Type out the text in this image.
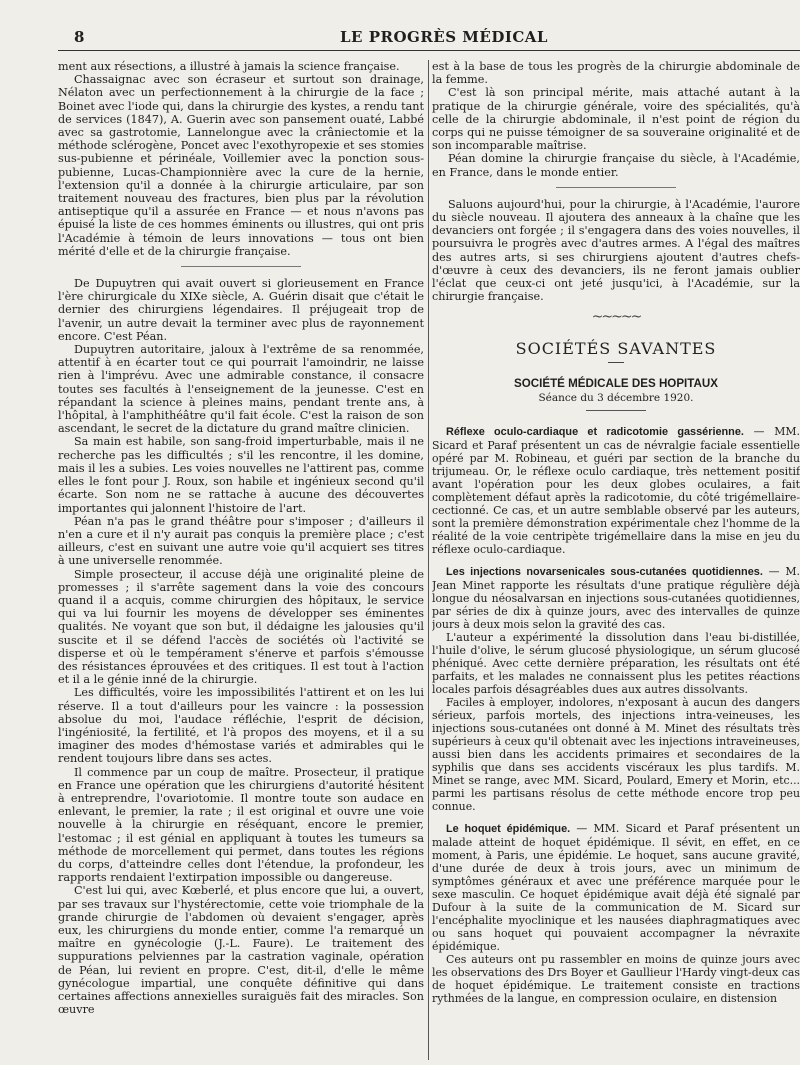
8	LE PROGRÈS MÉDICAL

ment aux résections, a illustré à jamais la science française.

Chassaignac avec son écraseur et surtout son drainage, Nélaton avec un perfectionnement à la chirurgie de la face ; Boinet avec l'iode qui, dans la chirurgie des kystes, a rendu tant de services (1847), A. Guerin avec son pansement ouaté, Labbé avec sa gastrotomie, Lannelongue avec la crâniectomie et la méthode sclérogène, Poncet avec l'exothyropexie et ses stomies sus-pubienne et périnéale, Voillemier avec la ponction sous-pubienne, Lucas-Championnière avec la cure de la hernie, l'extension qu'il a donnée à la chirurgie articulaire, par son traitement nouveau des fractures, bien plus par la révolution antiseptique qu'il a assurée en France — et nous n'avons pas épuisé la liste de ces hommes éminents ou illustres, qui ont pris l'Académie à témoin de leurs innovations — tous ont bien mérité d'elle et de la chirurgie française.

De Dupuytren qui avait ouvert si glorieusement en France l'ère chirurgicale du XIXe siècle, A. Guérin disait que c'était le dernier des chirurgiens légendaires. Il préjugeait trop de l'avenir, un autre devait la terminer avec plus de rayonnement encore. C'est Péan.

Dupuytren autoritaire, jaloux à l'extrême de sa renommée, attentif à en écarter tout ce qui pourrait l'amoindrir, ne laisse rien à l'imprévu. Avec une admirable constance, il consacre toutes ses facultés à l'enseignement de la jeunesse. C'est en répandant la science à pleines mains, pendant trente ans, à l'hôpital, à l'amphithéâtre qu'il fait école. C'est la raison de son ascendant, le secret de la dictature du grand maître clinicien.

Sa main est habile, son sang-froid imperturbable, mais il ne recherche pas les difficultés ; s'il les rencontre, il les domine, mais il les a subies. Les voies nouvelles ne l'attirent pas, comme elles le font pour J. Roux, son habile et ingénieux second qu'il écarte. Son nom ne se rattache à aucune des découvertes importantes qui jalonnent l'histoire de l'art.

Péan n'a pas le grand théâtre pour s'imposer ; d'ailleurs il n'en a cure et il n'y aurait pas conquis la première place ; c'est ailleurs, c'est en suivant une autre voie qu'il acquiert ses titres à une universelle renommée.

Simple prosecteur, il accuse déjà une originalité pleine de promesses ; il s'arrête sagement dans la voie des concours quand il a acquis, comme chirurgien des hôpitaux, le service qui va lui fournir les moyens de développer ses éminentes qualités. Ne voyant que son but, il dédaigne les jalousies qu'il suscite et il se défend l'accès de sociétés où l'activité se disperse et où le tempérament s'énerve et parfois s'émousse des résistances éprouvées et des critiques. Il est tout à l'action et il a le génie inné de la chirurgie.

Les difficultés, voire les impossibilités l'attirent et on les lui réserve. Il a tout d'ailleurs pour les vaincre : la possession absolue du moi, l'audace réfléchie, l'esprit de décision, l'ingéniosité, la fertilité, et l'à propos des moyens, et il a su imaginer des modes d'hémostase variés et admirables qui le rendent toujours libre dans ses actes.

Il commence par un coup de maître. Prosecteur, il pratique en France une opération que les chirurgiens d'autorité hésitent à entreprendre, l'ovariotomie. Il montre toute son audace en enlevant, le premier, la rate ; il est original et ouvre une voie nouvelle à la chirurgie en réséquant, encore le premier, l'estomac ; il est génial en appliquant à toutes les tumeurs sa méthode de morcellement qui permet, dans toutes les régions du corps, d'atteindre celles dont l'étendue, la profondeur, les rapports rendaient l'extirpation impossible ou dangereuse.

C'est lui qui, avec Kœberlé, et plus encore que lui, a ouvert, par ses travaux sur l'hystérectomie, cette voie triomphale de la grande chirurgie de l'abdomen où devaient s'engager, après eux, les chirurgiens du monde entier, comme l'a remarqué un maître en gynécologie (J.-L. Faure). Le traitement des suppurations pelviennes par la castration vaginale, opération de Péan, lui revient en propre. C'est, dit-il, d'elle le même gynécologue impartial, une conquête définitive qui dans certaines affections annexielles suraiguës fait des miracles. Son œuvre

est à la base de tous les progrès de la chirurgie abdominale de la femme.

C'est là son principal mérite, mais attaché autant à la pratique de la chirurgie générale, voire des spécialités, qu'à celle de la chirurgie abdominale, il n'est point de région du corps qui ne puisse témoigner de sa souveraine originalité et de son incomparable maîtrise.

Péan domine la chirurgie française du siècle, à l'Académie, en France, dans le monde entier.

Saluons aujourd'hui, pour la chirurgie, à l'Académie, l'aurore du siècle nouveau. Il ajoutera des anneaux à la chaîne que les devanciers ont forgée ; il s'engagera dans des voies nouvelles, il poursuivra le progrès avec d'autres armes. A l'égal des maîtres des autres arts, si ses chirurgiens ajoutent d'autres chefs-d'œuvre à ceux des devanciers, ils ne feront jamais oublier l'éclat que ceux-ci ont jeté jusqu'ici, à l'Académie, sur la chirurgie française.

~~~~~
SOCIÉTÉS SAVANTES
SOCIÉTÉ MÉDICALE DES HOPITAUX
Séance du 3 décembre 1920.

Réflexe oculo-cardiaque et radicotomie gassérienne. — MM. Sicard et Paraf présentent un cas de névralgie faciale essentielle opéré par M. Robineau, et guéri par section de la branche du trijumeau. Or, le réflexe oculo cardiaque, très nettement positif avant l'opération pour les deux globes oculaires, a fait complètement défaut après la radicotomie, du côté trigémellaire-cectionné. Ce cas, et un autre semblable observé par les auteurs, sont la première démonstration expérimentale chez l'homme de la réalité de la voie centripète trigémellaire dans la mise en jeu du réflexe oculo-cardiaque.

Les injections novarsenicales sous-cutanées quotidiennes. — M. Jean Minet rapporte les résultats d'une pratique régulière déjà longue du néosalvarsan en injections sous-cutanées quotidiennes, par séries de dix à quinze jours, avec des intervalles de quinze jours à deux mois selon la gravité des cas.

L'auteur a expérimenté la dissolution dans l'eau bi-distillée, l'huile d'olive, le sérum glucosé physiologique, un sérum glucosé phéniqué. Avec cette dernière préparation, les résultats ont été parfaits, et les malades ne connaissent plus les petites réactions locales parfois désagréables dues aux autres dissolvants.

Faciles à employer, indolores, n'exposant à aucun des dangers sérieux, parfois mortels, des injections intra-veineuses, les injections sous-cutanées ont donné à M. Minet des résultats très supérieurs à ceux qu'il obtenait avec les injections intraveineuses, aussi bien dans les accidents primaires et secondaires de la syphilis que dans ses accidents viscéraux les plus tardifs. M. Minet se range, avec MM. Sicard, Poulard, Emery et Morin, etc... parmi les partisans résolus de cette méthode encore trop peu connue.

Le hoquet épidémique. — MM. Sicard et Paraf présentent un malade atteint de hoquet épidémique. Il sévit, en effet, en ce moment, à Paris, une épidémie. Le hoquet, sans aucune gravité, d'une durée de deux à trois jours, avec un minimum de symptômes généraux et avec une préférence marquée pour le sexe masculin. Ce hoquet épidémique avait déjà été signalé par Dufour à la suite de la communication de M. Sicard sur l'encéphalite myoclinique et les nausées diaphragmatiques avec ou sans hoquet qui pouvaient accompagner la névraxite épidémique.

Ces auteurs ont pu rassembler en moins de quinze jours avec les observations des Drs Boyer et Gaullieur l'Hardy vingt-deux cas de hoquet épidémique. Le traitement consiste en tractions rythmées de la langue, en compression oculaire, en distension
